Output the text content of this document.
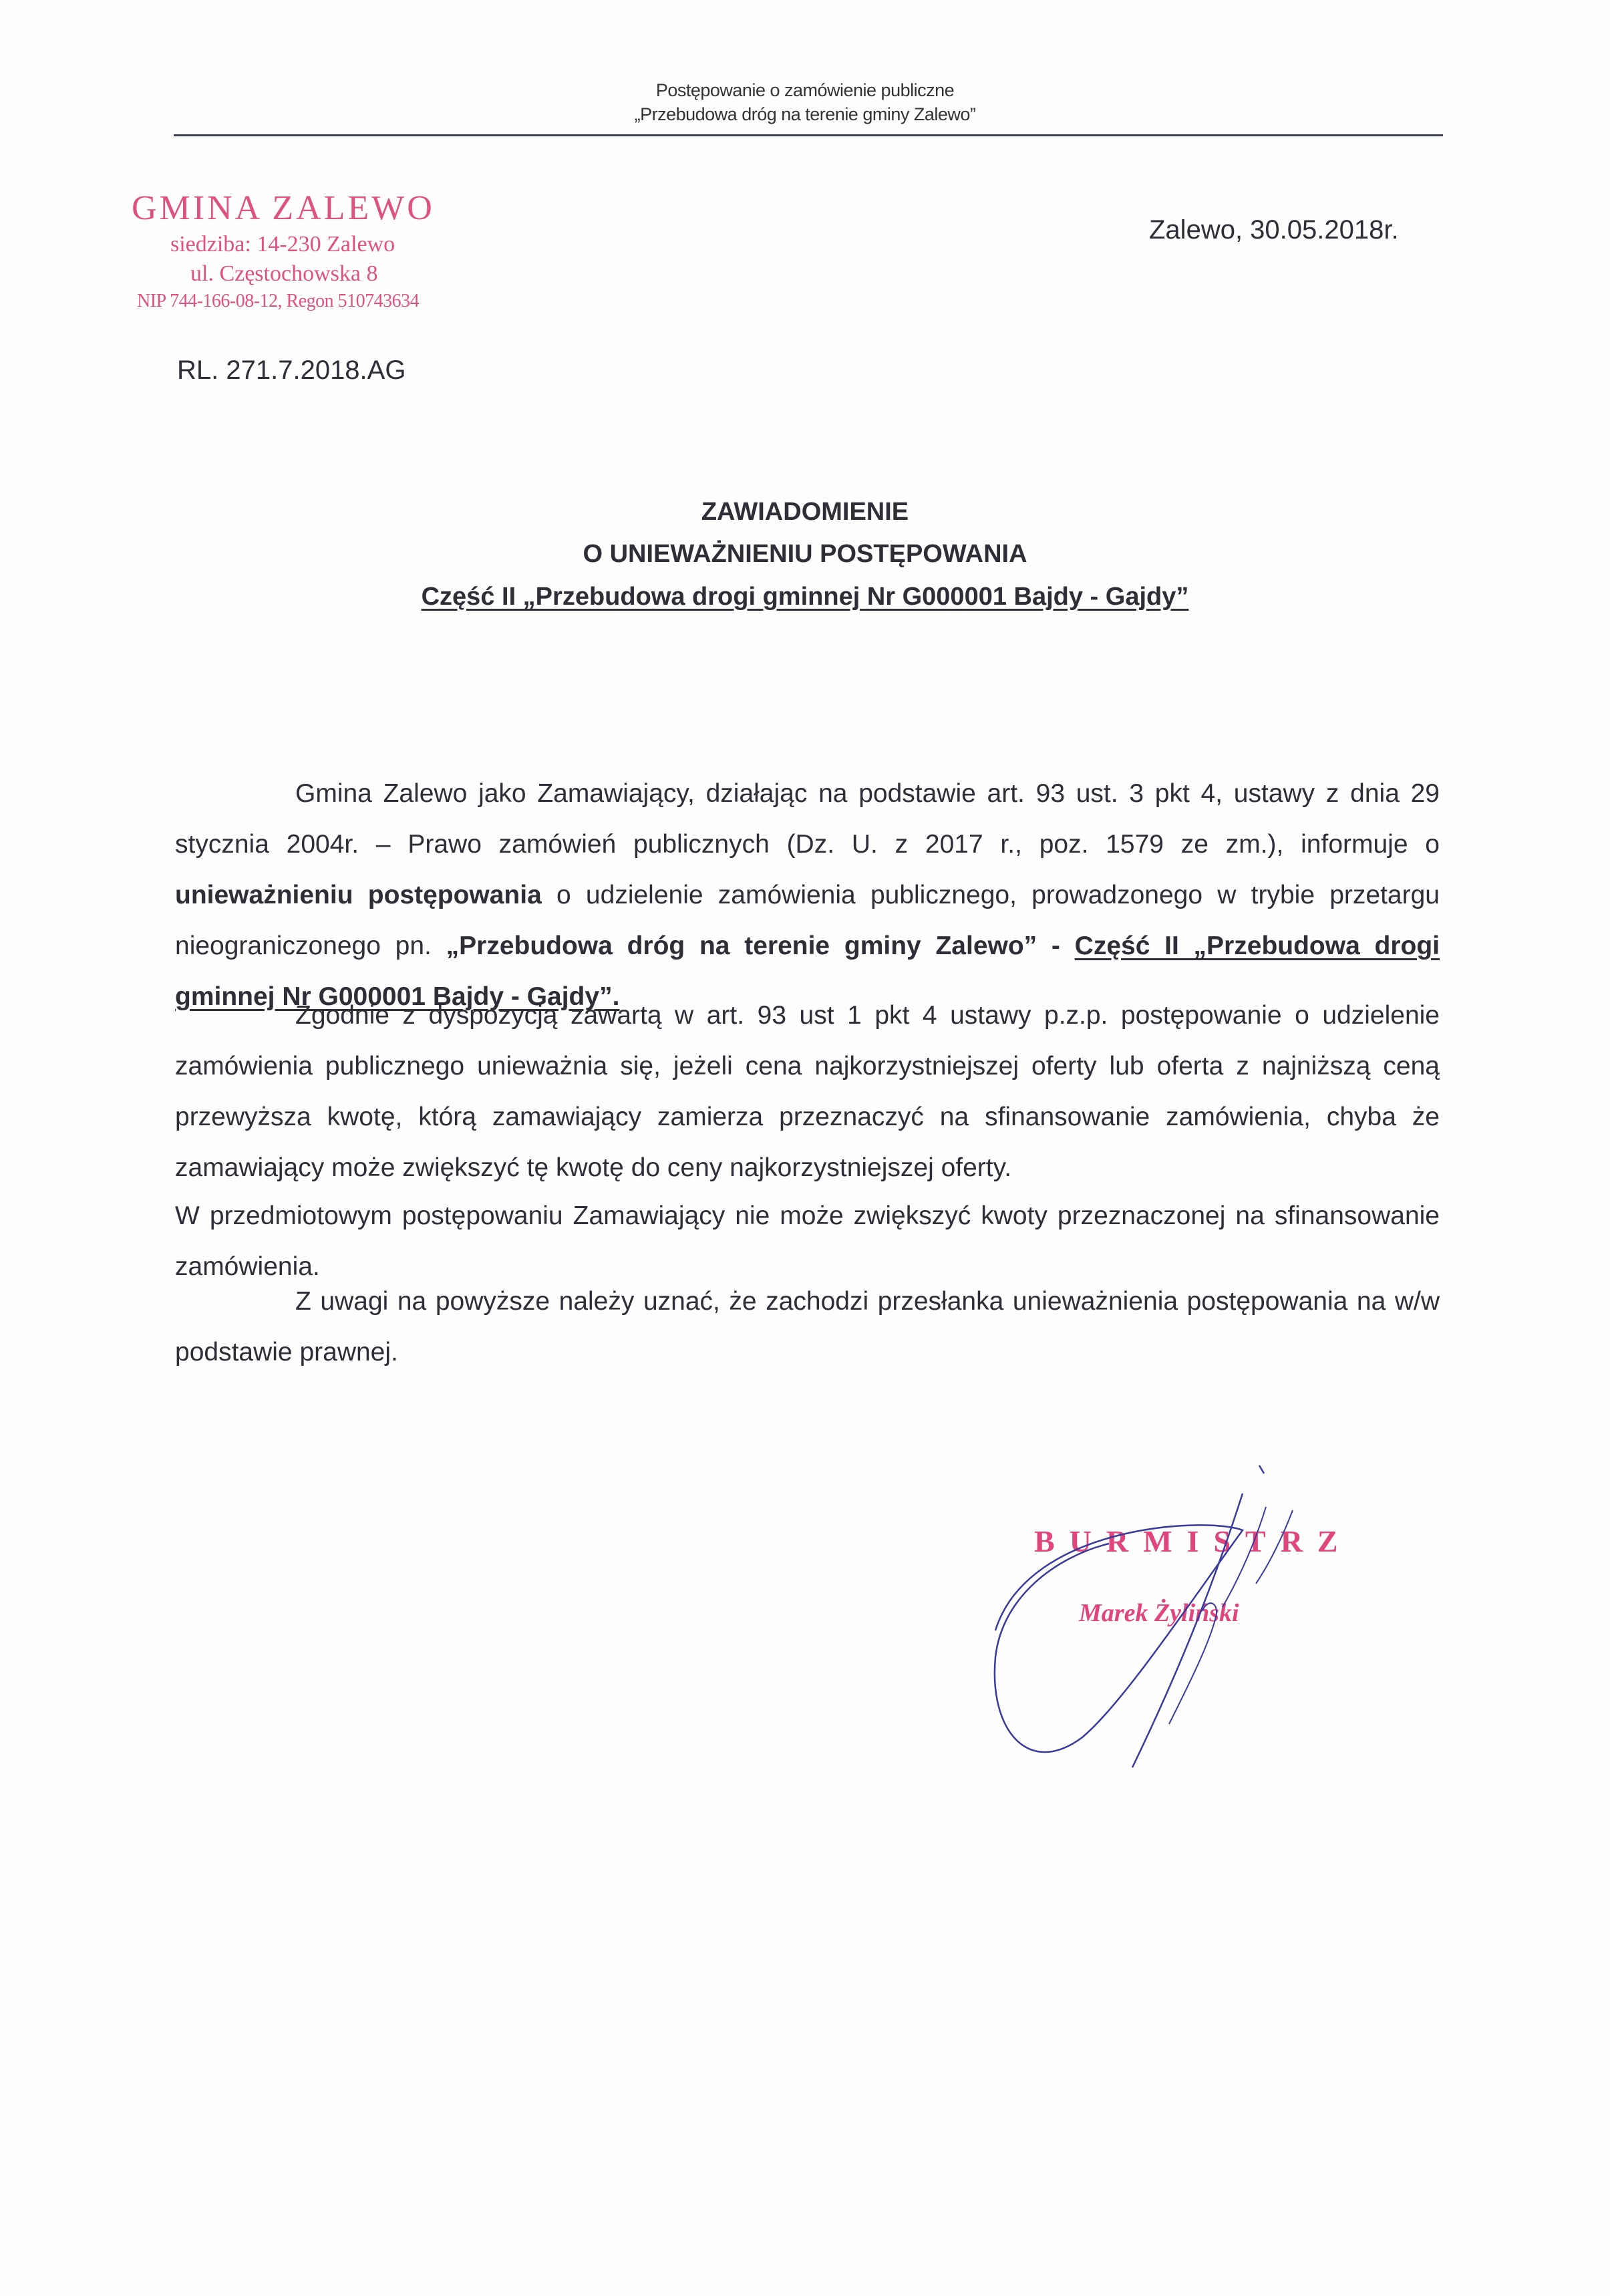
Postępowanie o zamówienie publiczne
„Przebudowa dróg na terenie gminy Zalewo”
GMINA ZALEWO
siedziba: 14-230 Zalewo
ul. Częstochowska 8
NIP 744-166-08-12, Regon 510743634
Zalewo, 30.05.2018r.
RL. 271.7.2018.AG
ZAWIADOMIENIE
O UNIEWAŻNIENIU POSTĘPOWANIA
Część II „Przebudowa drogi gminnej Nr G000001 Bajdy - Gajdy”
Gmina Zalewo jako Zamawiający, działając na podstawie art. 93 ust. 3 pkt 4, ustawy z dnia 29 stycznia 2004r. – Prawo zamówień publicznych (Dz. U. z 2017 r., poz. 1579 ze zm.), informuje o unieważnieniu postępowania o udzielenie zamówienia publicznego, prowadzonego w trybie przetargu nieograniczonego pn. „Przebudowa dróg na terenie gminy Zalewo” - Część II „Przebudowa drogi gminnej Nr G000001 Bajdy - Gajdy”.
Zgodnie z dyspozycją zawartą w art. 93 ust 1 pkt 4 ustawy p.z.p. postępowanie o udzielenie zamówienia publicznego unieważnia się, jeżeli cena najkorzystniejszej oferty lub oferta z najniższą ceną przewyższa kwotę, którą zamawiający zamierza przeznaczyć na sfinansowanie zamówienia, chyba że zamawiający może zwiększyć tę kwotę do ceny najkorzystniejszej oferty.
W przedmiotowym postępowaniu Zamawiający nie może zwiększyć kwoty przeznaczonej na sfinansowanie zamówienia.
Z uwagi na powyższe należy uznać, że zachodzi przesłanka unieważnienia postępowania na w/w podstawie prawnej.
BURMISTRZ
Marek Żyliński
